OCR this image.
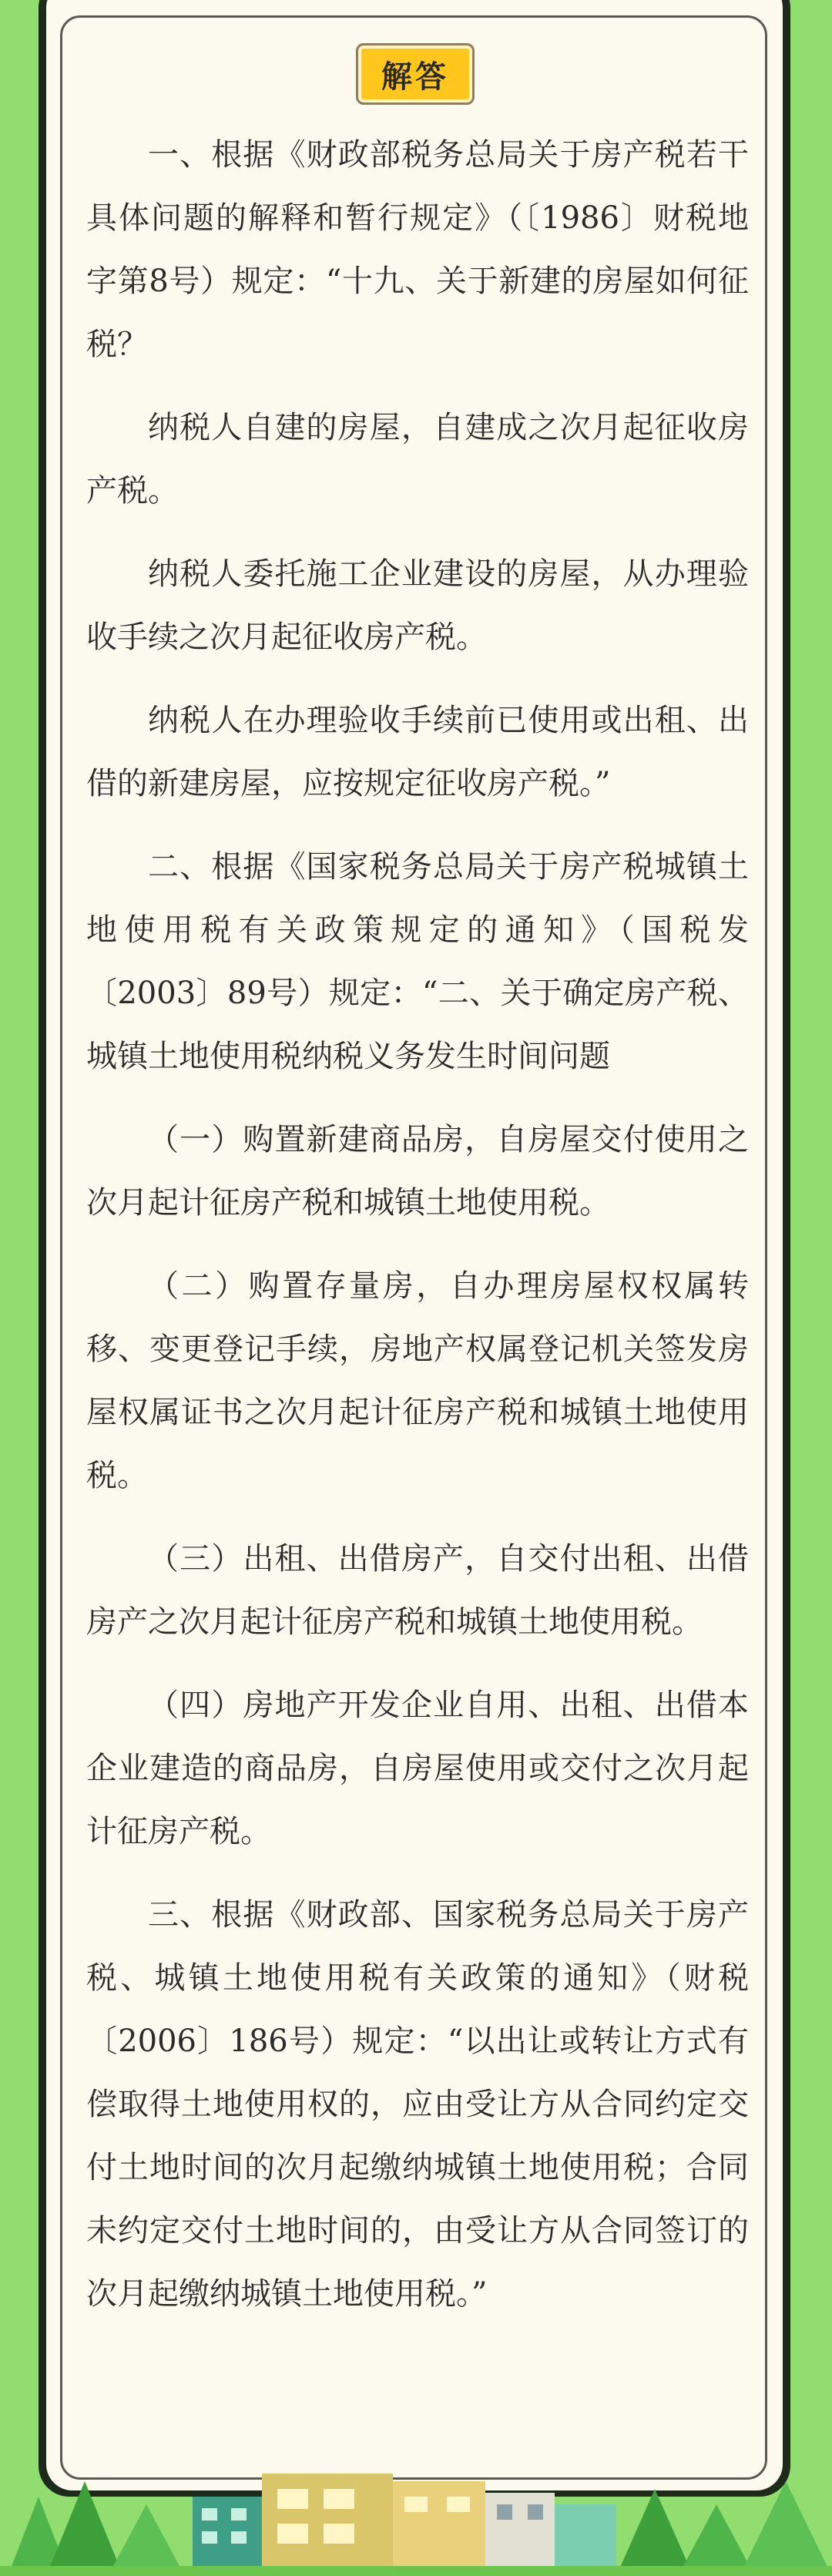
解答

一、根据《财政部税务总局关于房产税若干具体问题的解释和暂行规定》（〔1986〕财税地字第8号）规定：“十九、关于新建的房屋如何征税？

纳税人自建的房屋，自建成之次月起征收房产税。

纳税人委托施工企业建设的房屋，从办理验收手续之次月起征收房产税。

纳税人在办理验收手续前已使用或出租、出借的新建房屋，应按规定征收房产税。”

二、根据《国家税务总局关于房产税城镇土地使用税有关政策规定的通知》（国税发〔2003〕89号）规定：“二、关于确定房产税、城镇土地使用税纳税义务发生时间问题

（一）购置新建商品房，自房屋交付使用之次月起计征房产税和城镇土地使用税。

（二）购置存量房，自办理房屋权权属转移、变更登记手续，房地产权属登记机关签发房屋权属证书之次月起计征房产税和城镇土地使用税。

（三）出租、出借房产，自交付出租、出借房产之次月起计征房产税和城镇土地使用税。

（四）房地产开发企业自用、出租、出借本企业建造的商品房，自房屋使用或交付之次月起计征房产税。

三、根据《财政部、国家税务总局关于房产税、城镇土地使用税有关政策的通知》（财税〔2006〕186号）规定：“以出让或转让方式有偿取得土地使用权的，应由受让方从合同约定交付土地时间的次月起缴纳城镇土地使用税；合同未约定交付土地时间的，由受让方从合同签订的次月起缴纳城镇土地使用税。”
